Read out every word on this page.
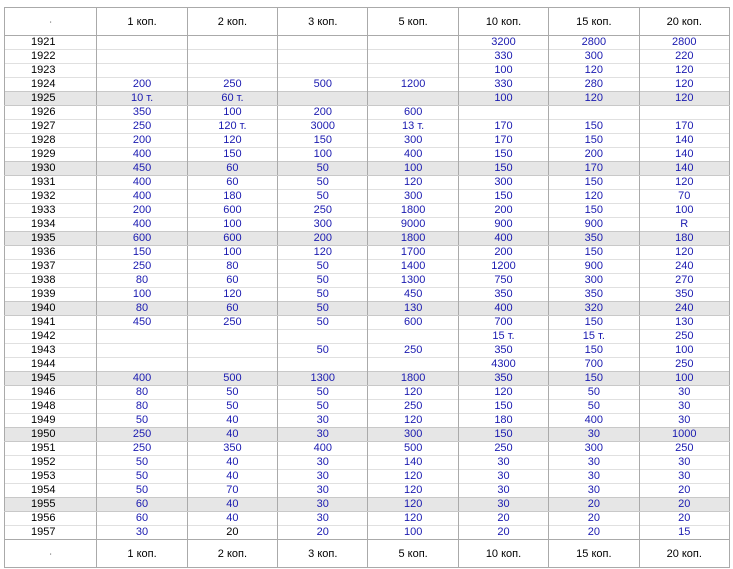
·	1 коп.	2 коп.	3 коп.	5 коп.	10 коп.	15 коп.	20 коп.
1921					3200	2800	2800
1922					330	300	220
1923					100	120	120
1924	200	250	500	1200	330	280	120
1925	10 т.	60 т.			100	120	120
1926	350	100	200	600			
1927	250	120 т.	3000	13 т.	170	150	170
1928	200	120	150	300	170	150	140
1929	400	150	100	400	150	200	140
1930	450	60	50	100	150	170	140
1931	400	60	50	120	300	150	120
1932	400	180	50	300	150	120	70
1933	200	600	250	1800	200	150	100
1934	400	100	300	9000	900	900	R
1935	600	600	200	1800	400	350	180
1936	150	100	120	1700	200	150	120
1937	250	80	50	1400	1200	900	240
1938	80	60	50	1300	750	300	270
1939	100	120	50	450	350	350	350
1940	80	60	50	130	400	320	240
1941	450	250	50	600	700	150	130
1942					15 т.	15 т.	250
1943			50	250	350	150	100
1944					4300	700	250
1945	400	500	1300	1800	350	150	100
1946	80	50	50	120	120	50	30
1948	80	50	50	250	150	50	30
1949	50	40	30	120	180	400	30
1950	250	40	30	300	150	30	1000
1951	250	350	400	500	250	300	250
1952	50	40	30	140	30	30	30
1953	50	40	30	120	30	30	30
1954	50	70	30	120	30	30	20
1955	60	40	30	120	30	20	20
1956	60	40	30	120	20	20	20
1957	30	20	20	100	20	20	15
·	1 коп.	2 коп.	3 коп.	5 коп.	10 коп.	15 коп.	20 коп.
